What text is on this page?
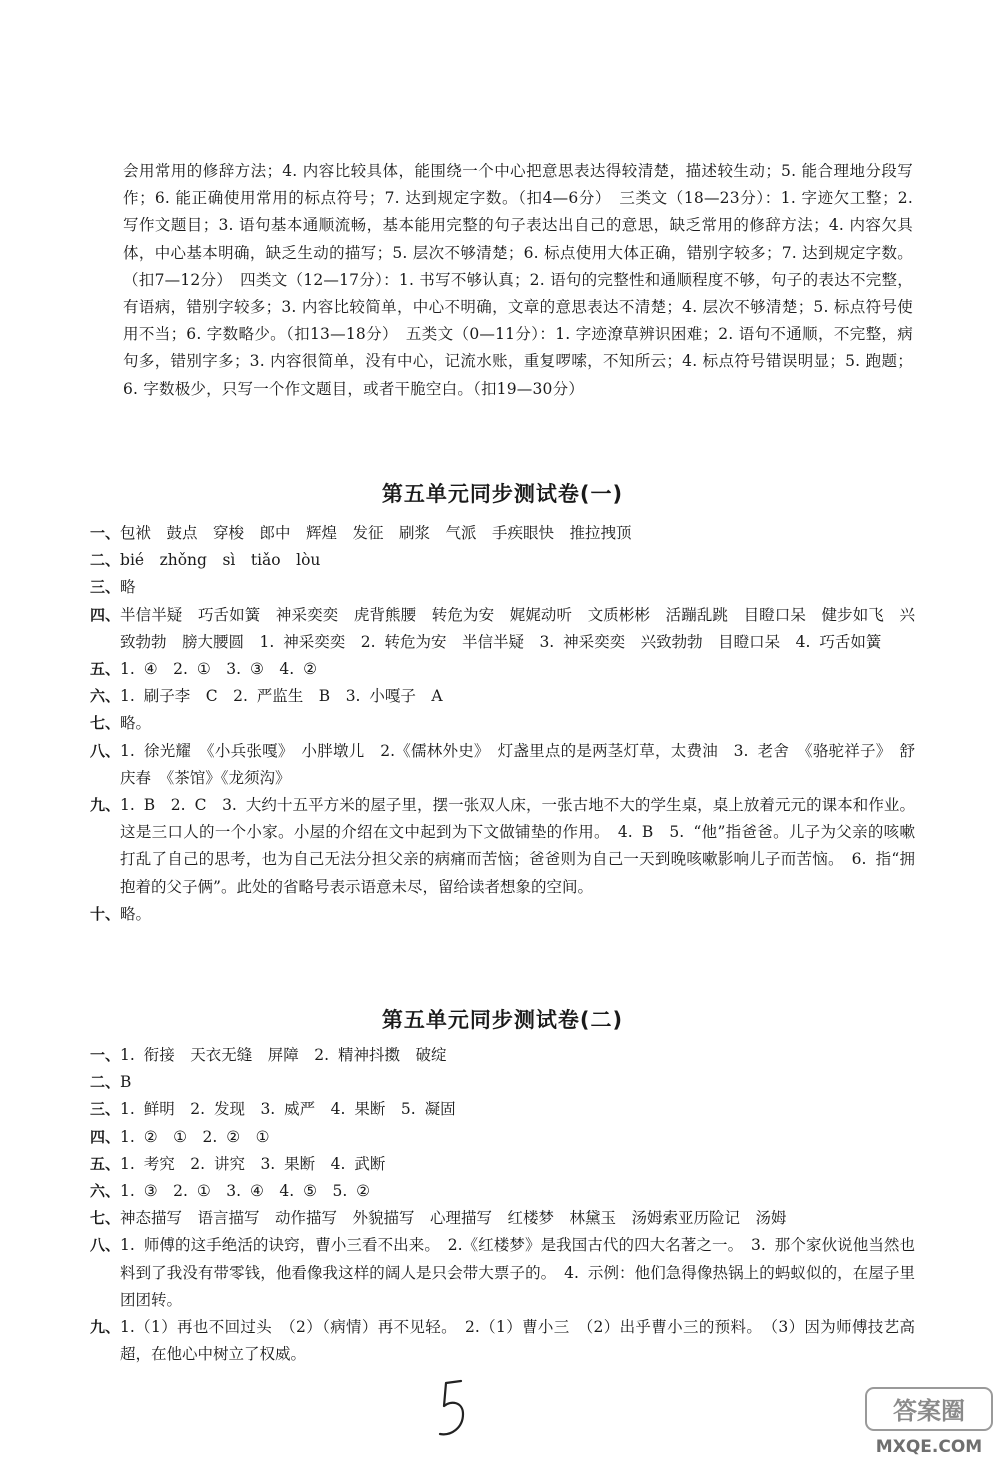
会用常用的修辞方法；4. 内容比较具体，能围绕一个中心把意思表达得较清楚，描述较生动；5. 能合理地分段写作；6. 能正确使用常用的标点符号；7. 达到规定字数。（扣4—6分）　三类文（18—23分）：1. 字迹欠工整；2. 写作文题目；3. 语句基本通顺流畅，基本能用完整的句子表达出自己的意思，缺乏常用的修辞方法；4. 内容欠具体，中心基本明确，缺乏生动的描写；5. 层次不够清楚；6. 标点使用大体正确，错别字较多；7. 达到规定字数。（扣7—12分）　四类文（12—17分）：1. 书写不够认真；2. 语句的完整性和通顺程度不够，句子的表达不完整，有语病，错别字较多；3. 内容比较简单，中心不明确，文章的意思表达不清楚；4. 层次不够清楚；5. 标点符号使用不当；6. 字数略少。（扣13—18分）　五类文（0—11分）：1. 字迹潦草辨识困难；2. 语句不通顺，不完整，病句多，错别字多；3. 内容很简单，没有中心，记流水账，重复啰嗦，不知所云；4. 标点符号错误明显；5. 跑题；6. 字数极少，只写一个作文题目，或者干脆空白。（扣19—30分）

第五单元同步测试卷(一)
一、 包袱　鼓点　穿梭　郎中　辉煌　发征　刷浆　气派　手疾眼快　推拉拽顶
二、 bié　zhǒng　sì　tiǎo　lòu
三、 略
四、 半信半疑　巧舌如簧　神采奕奕　虎背熊腰　转危为安　娓娓动听　文质彬彬　活蹦乱跳　目瞪口呆　健步如飞　兴致勃勃　膀大腰圆　1. 神采奕奕　2. 转危为安　半信半疑　3. 神采奕奕　兴致勃勃　目瞪口呆　4. 巧舌如簧
五、 1. ④　2. ①　3. ③　4. ②
六、 1. 刷子李　C　2. 严监生　B　3. 小嘎子　A
七、 略。
八、 1. 徐光耀　《小兵张嘎》　小胖墩儿　2.《儒林外史》　灯盏里点的是两茎灯草，太费油　3. 老舍　《骆驼祥子》　舒庆春　《茶馆》《龙须沟》
九、 1. B　2. C　3. 大约十五平方米的屋子里，摆一张双人床，一张古地不大的学生桌，桌上放着元元的课本和作业。这是三口人的一个小家。小屋的介绍在文中起到为下文做铺垫的作用。　4. B　5. “他”指爸爸。儿子为父亲的咳嗽打乱了自己的思考，也为自己无法分担父亲的病痛而苦恼；爸爸则为自己一天到晚咳嗽影响儿子而苦恼。　6. 指“拥抱着的父子俩”。此处的省略号表示语意未尽，留给读者想象的空间。
十、 略。
第五单元同步测试卷(二)
一、 1. 衔接　天衣无缝　屏障　2. 精神抖擞　破绽
二、 B
三、 1. 鲜明　2. 发现　3. 威严　4. 果断　5. 凝固
四、 1. ②　①　2. ②　①
五、 1. 考究　2. 讲究　3. 果断　4. 武断
六、 1. ③　2. ①　3. ④　4. ⑤　5. ②
七、 神态描写　语言描写　动作描写　外貌描写　心理描写　红楼梦　林黛玉　汤姆索亚历险记　汤姆
八、 1. 师傅的这手绝活的诀窍，曹小三看不出来。　2.《红楼梦》是我国古代的四大名著之一。　3. 那个家伙说他当然也料到了我没有带零钱，他看像我这样的阔人是只会带大票子的。　4. 示例：他们急得像热锅上的蚂蚁似的，在屋子里团团转。
九、 1.（1）再也不回过头　（2）（病情）再不见轻。　2.（1）曹小三　（2）出乎曹小三的预料。　（3）因为师傅技艺高超，在他心中树立了权威。
答案圈
MXQE.COM
